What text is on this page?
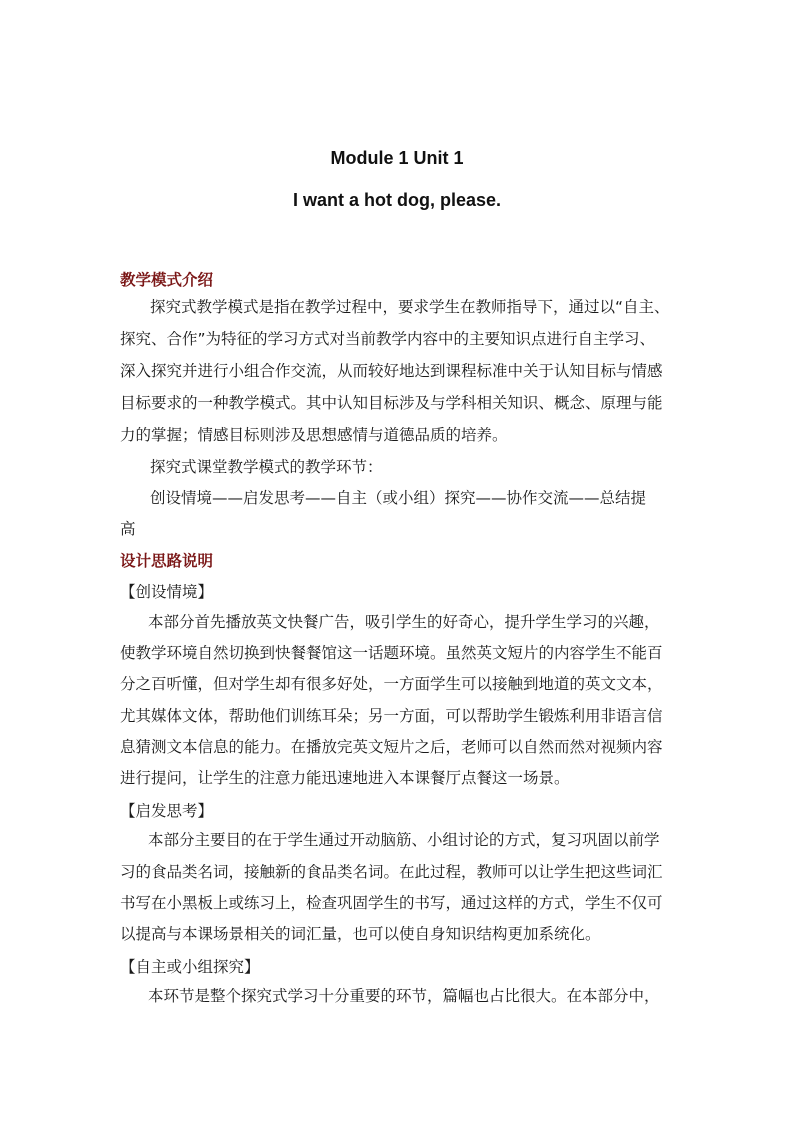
Module 1 Unit 1
I want a hot dog, please.
教学模式介绍
探究式教学模式是指在教学过程中，要求学生在教师指导下，通过以“自主、
探究、合作”为特征的学习方式对当前教学内容中的主要知识点进行自主学习、
深入探究并进行小组合作交流，从而较好地达到课程标准中关于认知目标与情感
目标要求的一种教学模式。其中认知目标涉及与学科相关知识、概念、原理与能
力的掌握；情感目标则涉及思想感情与道德品质的培养。
探究式课堂教学模式的教学环节：
创设情境——启发思考——自主（或小组）探究——协作交流——总结提
高
设计思路说明
【创设情境】
本部分首先播放英文快餐广告，吸引学生的好奇心，提升学生学习的兴趣，
使教学环境自然切换到快餐餐馆这一话题环境。虽然英文短片的内容学生不能百
分之百听懂，但对学生却有很多好处，一方面学生可以接触到地道的英文文本，
尤其媒体文体，帮助他们训练耳朵；另一方面，可以帮助学生锻炼利用非语言信
息猜测文本信息的能力。在播放完英文短片之后，老师可以自然而然对视频内容
进行提问，让学生的注意力能迅速地进入本课餐厅点餐这一场景。
【启发思考】
本部分主要目的在于学生通过开动脑筋、小组讨论的方式，复习巩固以前学
习的食品类名词，接触新的食品类名词。在此过程，教师可以让学生把这些词汇
书写在小黑板上或练习上，检查巩固学生的书写，通过这样的方式，学生不仅可
以提高与本课场景相关的词汇量，也可以使自身知识结构更加系统化。
【自主或小组探究】
本环节是整个探究式学习十分重要的环节，篇幅也占比很大。在本部分中，
